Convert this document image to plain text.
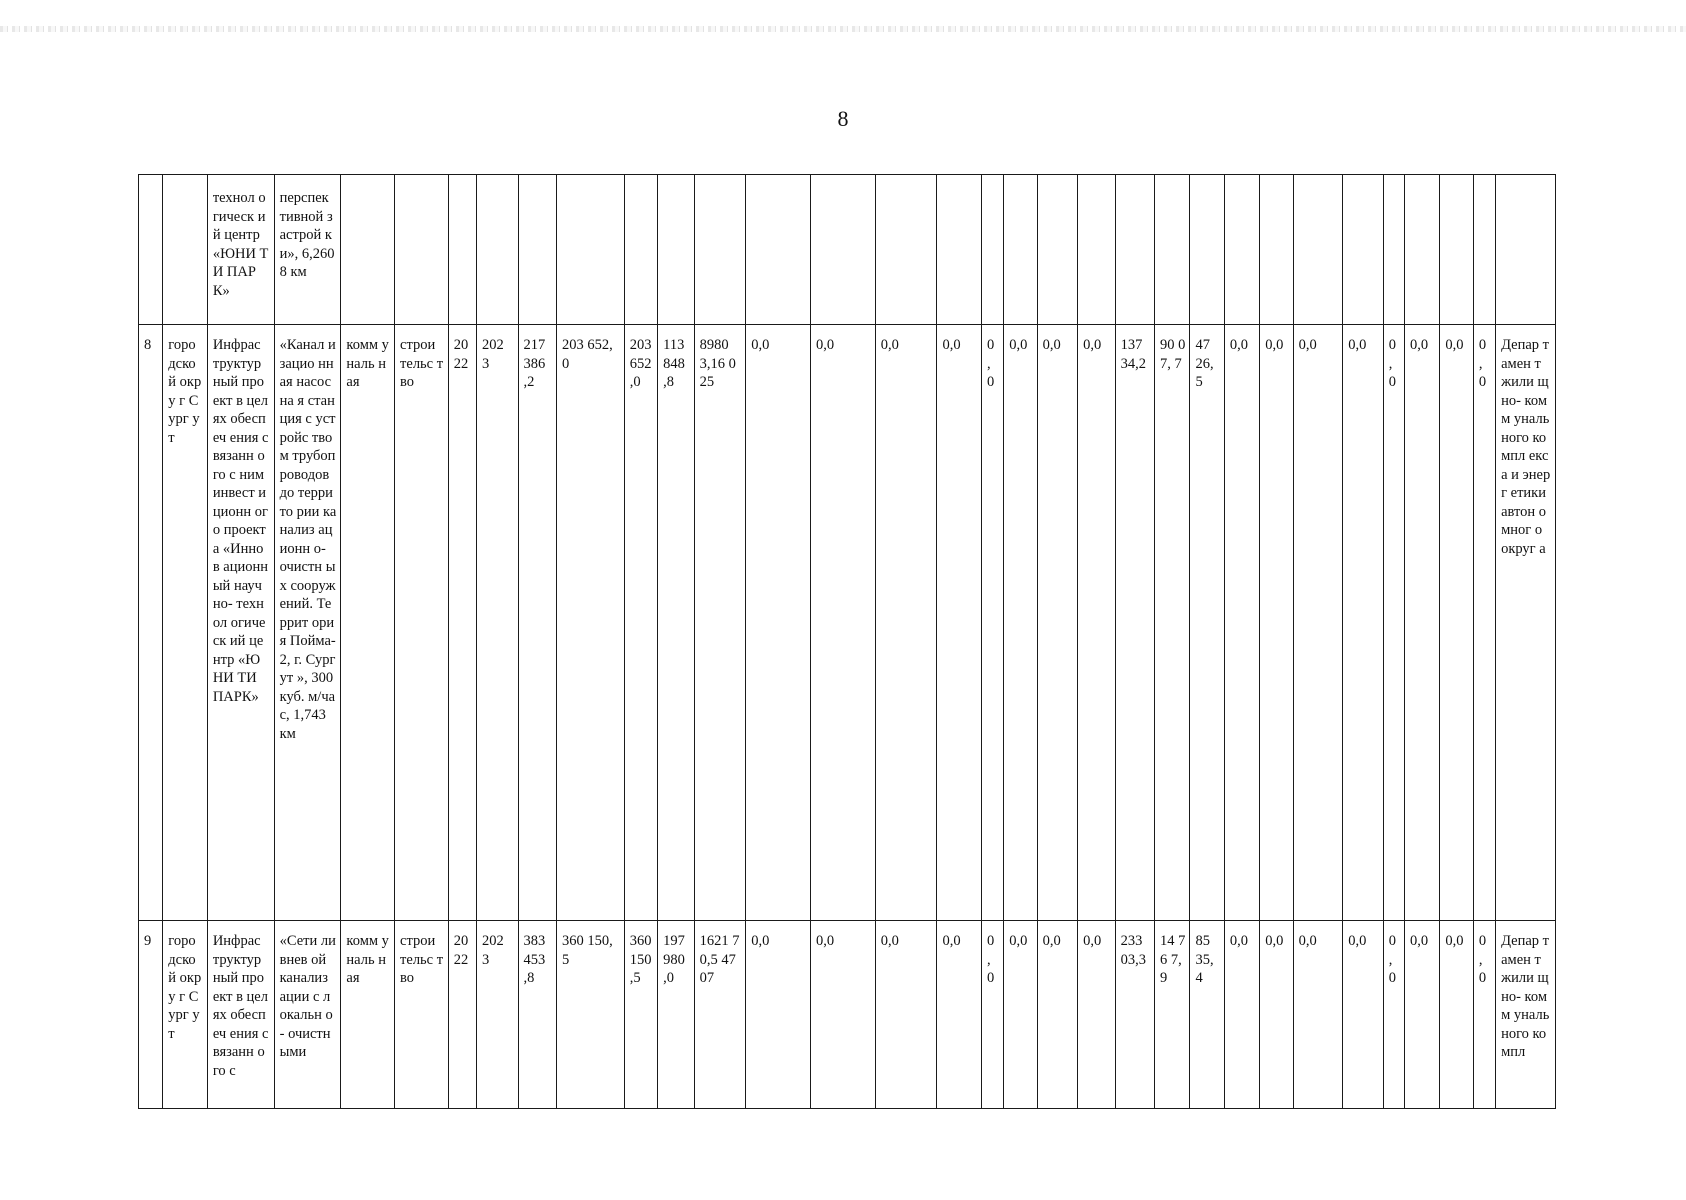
8
		технол огическ ий центр «ЮНИ ТИ ПАРК»	перспек тивной застрой ки», 6,2608 км																													
8	горо дско й окру г Сург ут	Инфрас труктур ный проект в целях обеспеч ения связанн ого с ним инвест иционн ого проекта «Иннов ационн ый научно- технол огическ ий центр «ЮНИ ТИ ПАРК»	«Канал изацио нная насосна я станция с устройс твом трубоп роводов до террито рии канализ ационн о- очистн ых сооруж ений. Террит ория Пойма- 2, г. Сургут », 300 куб. м/час, 1,743 км	комм уналь ная	строи тельс тво	20 22	202 3	217 386 ,2	203 652,0	203 652 ,0	113 848 ,8	8980 3,16 025	0,0	0,0	0,0	0,0	0 , 0	0,0	0,0	0,0	137 34,2	90 07, 7	47 26, 5	0,0	0,0	0,0	0,0	0 , 0	0,0	0,0	0 , 0	Депар тамен т жили щно- комм уналь ного компл екса и энерг етики автон омног о округ а
9	горо дско й окру г Сург ут	Инфрас труктур ный проект в целях обеспеч ения связанн ого с	«Сети ливнев ой канализ ации с локальн о- очистн ыми	комм уналь ная	строи тельс тво	20 22	202 3	383 453 ,8	360 150,5	360 150 ,5	197 980 ,0	1621 70,5 4707	0,0	0,0	0,0	0,0	0 , 0	0,0	0,0	0,0	233 03,3	14 76 7,9	85 35, 4	0,0	0,0	0,0	0,0	0 , 0	0,0	0,0	0 , 0	Депар тамен т жили щно- комм уналь ного компл
